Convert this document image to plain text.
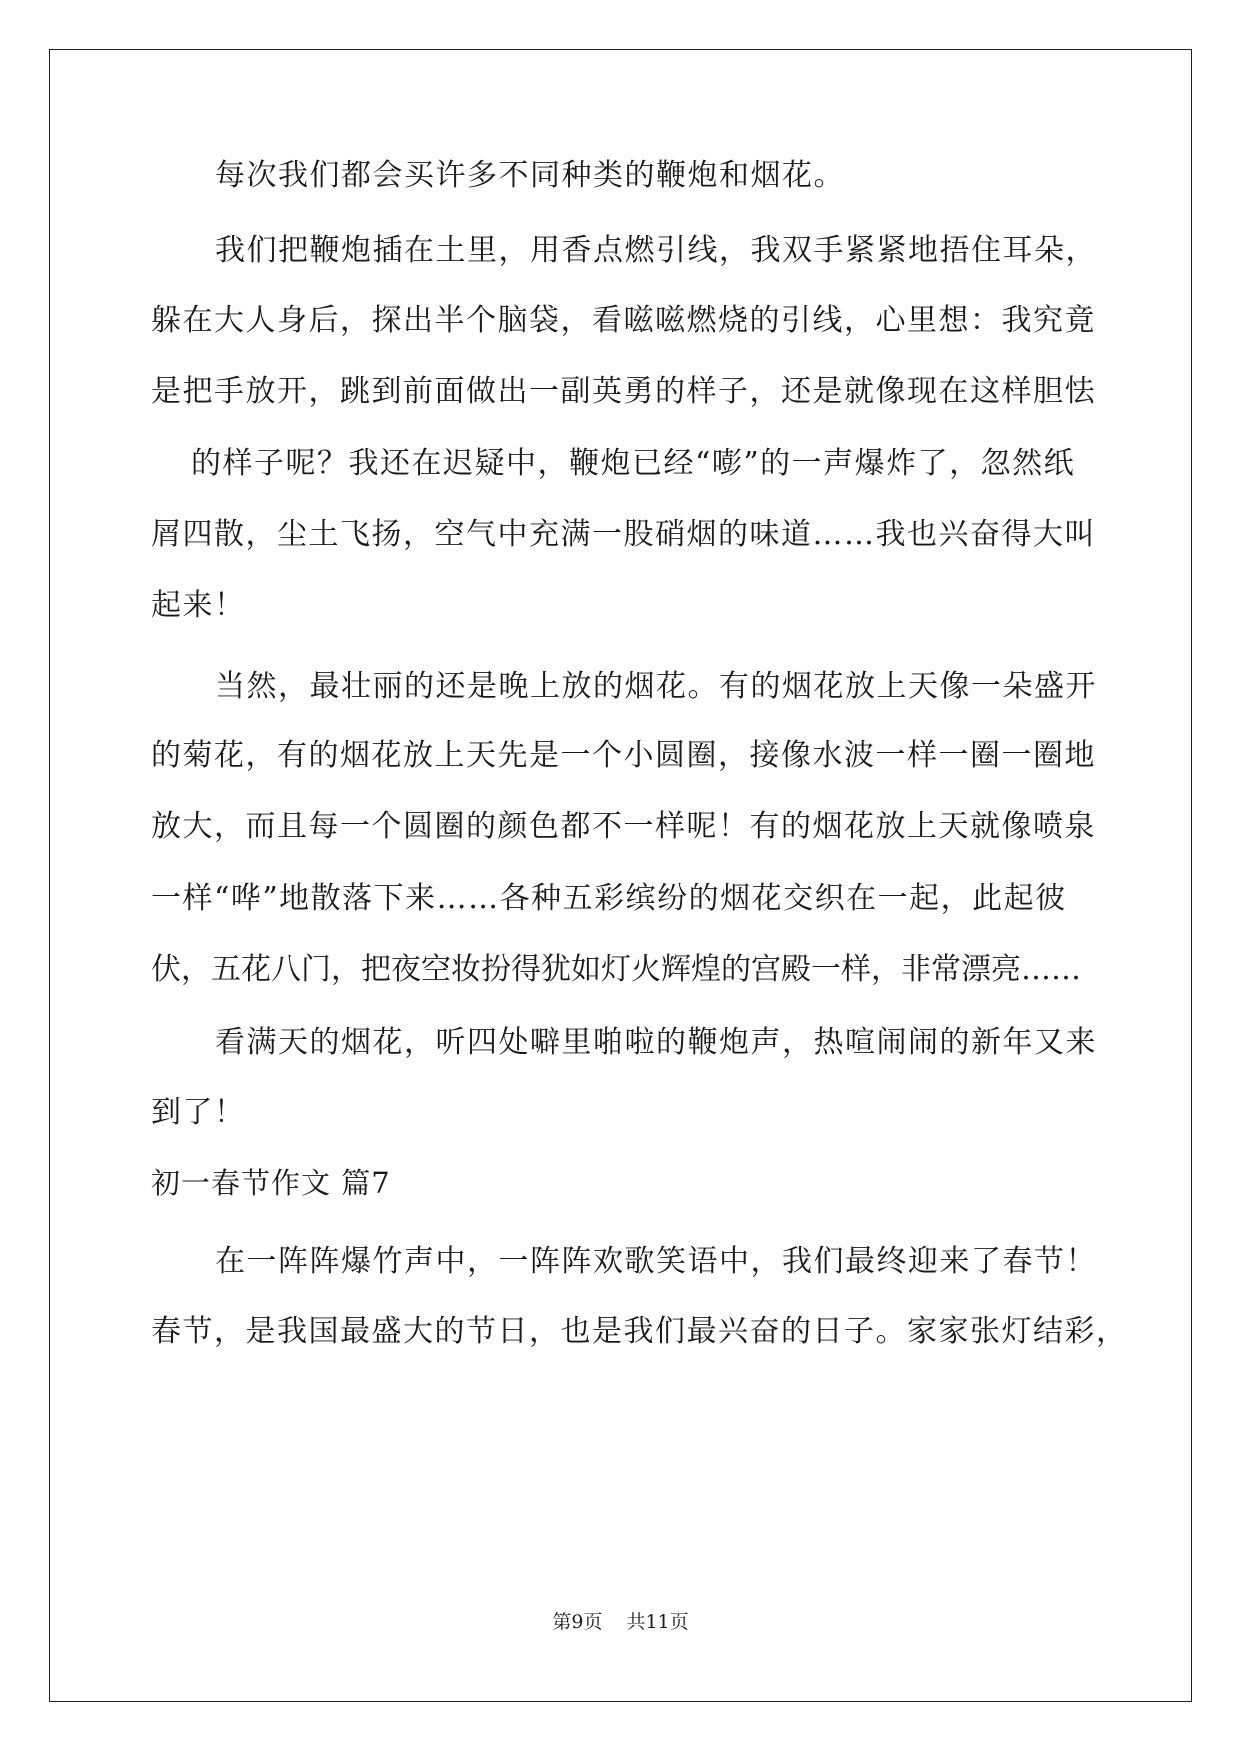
每次我们都会买许多不同种类的鞭炮和烟花。
我们把鞭炮插在土里，用香点燃引线，我双手紧紧地捂住耳朵，
躲在大人身后，探出半个脑袋，看嗞嗞燃烧的引线，心里想：我究竟
是把手放开，跳到前面做出一副英勇的样子，还是就像现在这样胆怯
的样子呢？我还在迟疑中，鞭炮已经“嘭”的一声爆炸了，忽然纸
屑四散，尘土飞扬，空气中充满一股硝烟的味道……我也兴奋得大叫
起来！
当然，最壮丽的还是晚上放的烟花。有的烟花放上天像一朵盛开
的菊花，有的烟花放上天先是一个小圆圈，接像水波一样一圈一圈地
放大，而且每一个圆圈的颜色都不一样呢！有的烟花放上天就像喷泉
一样“哗”地散落下来……各种五彩缤纷的烟花交织在一起，此起彼
伏，五花八门，把夜空妆扮得犹如灯火辉煌的宫殿一样，非常漂亮……
看满天的烟花，听四处噼里啪啦的鞭炮声，热喧闹闹的新年又来
到了！
初一春节作文 篇7
在一阵阵爆竹声中，一阵阵欢歌笑语中，我们最终迎来了春节！
春节，是我国最盛大的节日，也是我们最兴奋的日子。家家张灯结彩，
第9页 共11页
